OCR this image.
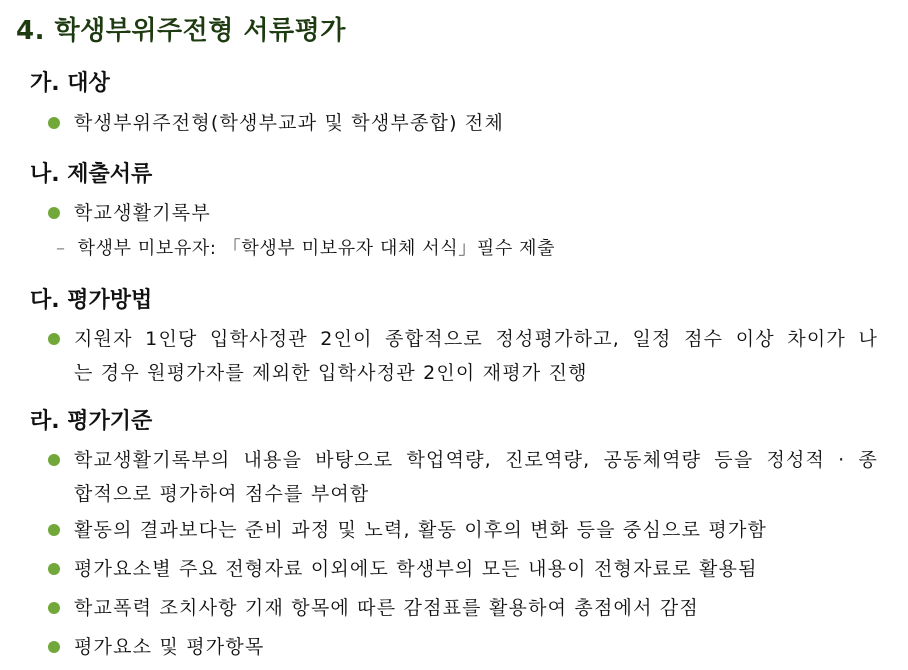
4. 학생부위주전형 서류평가
가. 대상
학생부위주전형(학생부교과 및 학생부종합) 전체
나. 제출서류
학교생활기록부
– 학생부 미보유자: 「학생부 미보유자 대체 서식」필수 제출
다. 평가방법
지원자 1인당 입학사정관 2인이 종합적으로 정성평가하고, 일정 점수 이상 차이가 나
는 경우 원평가자를 제외한 입학사정관 2인이 재평가 진행
라. 평가기준
학교생활기록부의 내용을 바탕으로 학업역량, 진로역량, 공동체역량 등을 정성적 · 종
합적으로 평가하여 점수를 부여함
활동의 결과보다는 준비 과정 및 노력, 활동 이후의 변화 등을 중심으로 평가함
평가요소별 주요 전형자료 이외에도 학생부의 모든 내용이 전형자료로 활용됨
학교폭력 조치사항 기재 항목에 따른 감점표를 활용하여 총점에서 감점
평가요소 및 평가항목
